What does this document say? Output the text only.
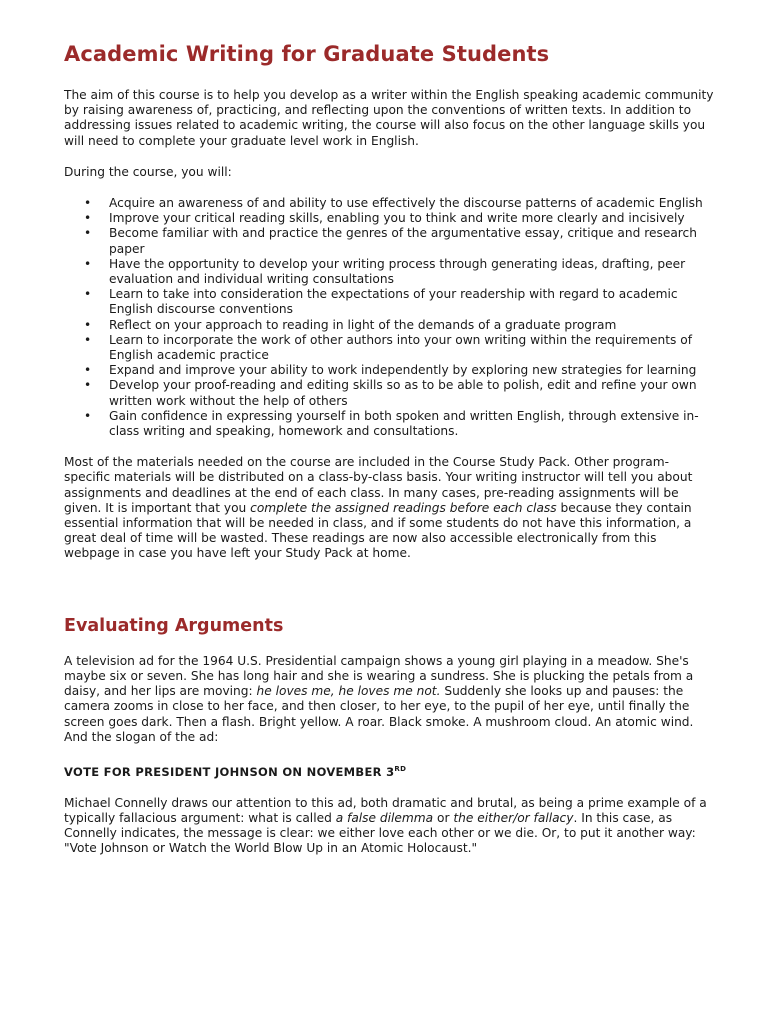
Academic Writing for Graduate Students

The aim of this course is to help you develop as a writer within the English speaking academic community by raising awareness of, practicing, and reflecting upon the conventions of written texts. In addition to addressing issues related to academic writing, the course will also focus on the other language skills you will need to complete your graduate level work in English.

During the course, you will:

• Acquire an awareness of and ability to use effectively the discourse patterns of academic English
• Improve your critical reading skills, enabling you to think and write more clearly and incisively
• Become familiar with and practice the genres of the argumentative essay, critique and research paper
• Have the opportunity to develop your writing process through generating ideas, drafting, peer evaluation and individual writing consultations
• Learn to take into consideration the expectations of your readership with regard to academic English discourse conventions
• Reflect on your approach to reading in light of the demands of a graduate program
• Learn to incorporate the work of other authors into your own writing within the requirements of English academic practice
• Expand and improve your ability to work independently by exploring new strategies for learning
• Develop your proof-reading and editing skills so as to be able to polish, edit and refine your own written work without the help of others
• Gain confidence in expressing yourself in both spoken and written English, through extensive in-class writing and speaking, homework and consultations.

Most of the materials needed on the course are included in the Course Study Pack. Other program-specific materials will be distributed on a class-by-class basis. Your writing instructor will tell you about assignments and deadlines at the end of each class. In many cases, pre-reading assignments will be given. It is important that you complete the assigned readings before each class because they contain essential information that will be needed in class, and if some students do not have this information, a great deal of time will be wasted. These readings are now also accessible electronically from this webpage in case you have left your Study Pack at home.

Evaluating Arguments

A television ad for the 1964 U.S. Presidential campaign shows a young girl playing in a meadow. She's maybe six or seven. She has long hair and she is wearing a sundress. She is plucking the petals from a daisy, and her lips are moving: he loves me, he loves me not. Suddenly she looks up and pauses: the camera zooms in close to her face, and then closer, to her eye, to the pupil of her eye, until finally the screen goes dark. Then a flash. Bright yellow. A roar. Black smoke. A mushroom cloud. An atomic wind. And the slogan of the ad:

VOTE FOR PRESIDENT JOHNSON ON NOVEMBER 3RD

Michael Connelly draws our attention to this ad, both dramatic and brutal, as being a prime example of a typically fallacious argument: what is called a false dilemma or the either/or fallacy. In this case, as Connelly indicates, the message is clear: we either love each other or we die. Or, to put it another way: "Vote Johnson or Watch the World Blow Up in an Atomic Holocaust."
